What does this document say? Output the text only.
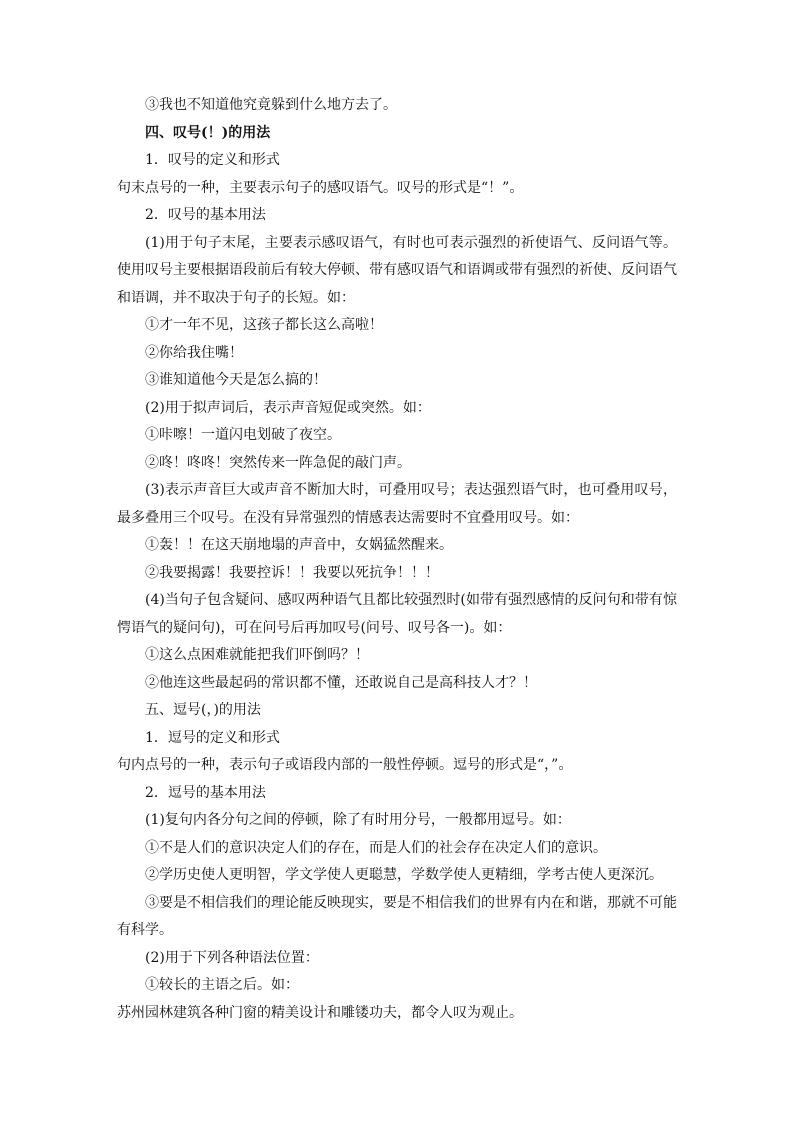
③我也不知道他究竟躲到什么地方去了。
四、叹号(！)的用法
1．叹号的定义和形式
句末点号的一种，主要表示句子的感叹语气。叹号的形式是“！”。
2．叹号的基本用法
(1)用于句子末尾，主要表示感叹语气，有时也可表示强烈的祈使语气、反问语气等。使用叹号主要根据语段前后有较大停顿、带有感叹语气和语调或带有强烈的祈使、反问语气和语调，并不取决于句子的长短。如：
①才一年不见，这孩子都长这么高啦！
②你给我住嘴！
③谁知道他今天是怎么搞的！
(2)用于拟声词后，表示声音短促或突然。如：
①咔嚓！一道闪电划破了夜空。
②咚！咚咚！突然传来一阵急促的敲门声。
(3)表示声音巨大或声音不断加大时，可叠用叹号；表达强烈语气时，也可叠用叹号，最多叠用三个叹号。在没有异常强烈的情感表达需要时不宜叠用叹号。如：
①轰！！在这天崩地塌的声音中，女娲猛然醒来。
②我要揭露！我要控诉！！我要以死抗争！！！
(4)当句子包含疑问、感叹两种语气且都比较强烈时(如带有强烈感情的反问句和带有惊愕语气的疑问句)，可在问号后再加叹号(问号、叹号各一)。如：
①这么点困难就能把我们吓倒吗？！
②他连这些最起码的常识都不懂，还敢说自己是高科技人才？！
五、逗号(，)的用法
1．逗号的定义和形式
句内点号的一种，表示句子或语段内部的一般性停顿。逗号的形式是“，”。
2．逗号的基本用法
(1)复句内各分句之间的停顿，除了有时用分号，一般都用逗号。如：
①不是人们的意识决定人们的存在，而是人们的社会存在决定人们的意识。
②学历史使人更明智，学文学使人更聪慧，学数学使人更精细，学考古使人更深沉。
③要是不相信我们的理论能反映现实，要是不相信我们的世界有内在和谐，那就不可能有科学。
(2)用于下列各种语法位置：
①较长的主语之后。如：
苏州园林建筑各种门窗的精美设计和雕镂功夫，都令人叹为观止。
